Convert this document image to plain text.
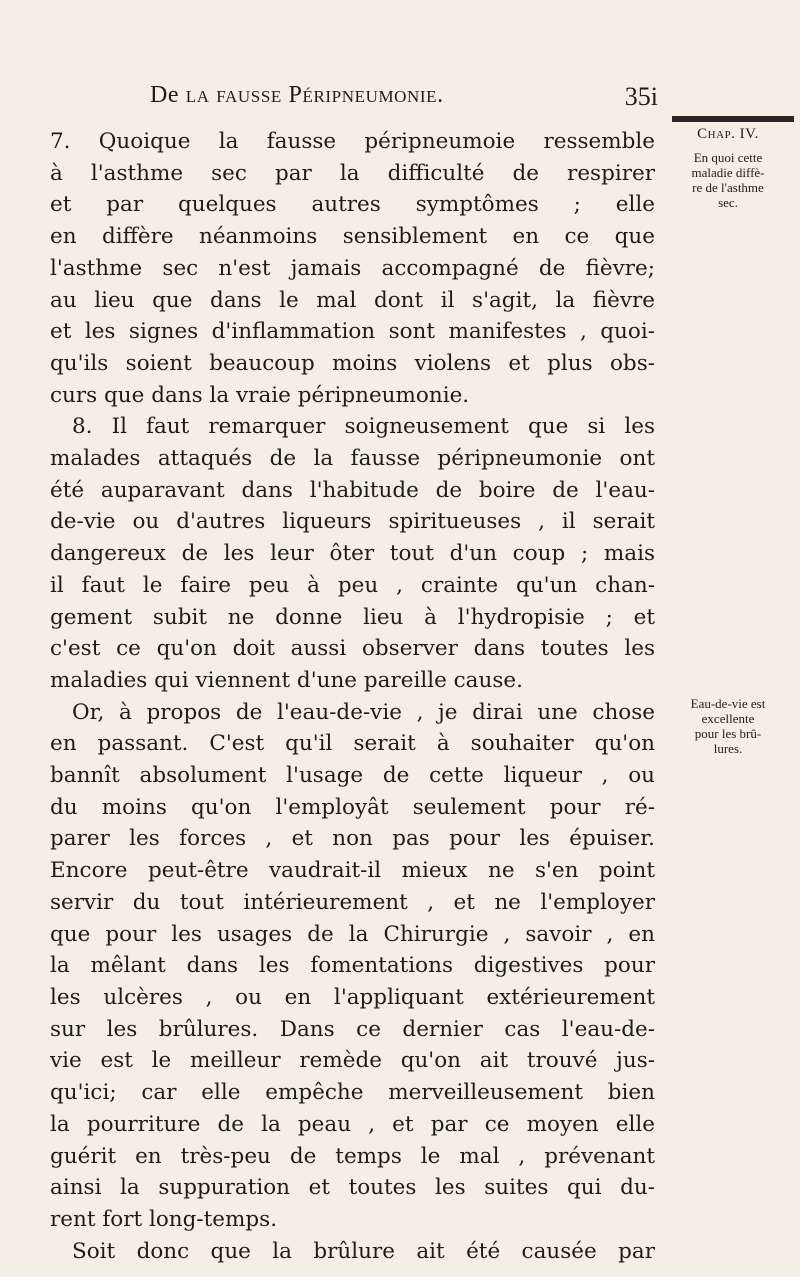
De la fausse Péripneumonie.	35i
Chap. IV.
En quoi cette
maladie diffè-
re de l'asthme
sec.
Eau-de-vie est
excellente
pour les brû-
lures.
7. Quoique la fausse péripneumoie ressemble
à l'asthme sec par la difficulté de respirer
et par quelques autres symptômes ; elle
en diffère néanmoins sensiblement en ce que
l'asthme sec n'est jamais accompagné de fièvre;
au lieu que dans le mal dont il s'agit, la fièvre
et les signes d'inflammation sont manifestes , quoi-
qu'ils soient beaucoup moins violens et plus obs-
curs que dans la vraie péripneumonie.
8. Il faut remarquer soigneusement que si les
malades attaqués de la fausse péripneumonie ont
été auparavant dans l'habitude de boire de l'eau-
de-vie ou d'autres liqueurs spiritueuses , il serait
dangereux de les leur ôter tout d'un coup ; mais
il faut le faire peu à peu , crainte qu'un chan-
gement subit ne donne lieu à l'hydropisie ; et
c'est ce qu'on doit aussi observer dans toutes les
maladies qui viennent d'une pareille cause.
Or, à propos de l'eau-de-vie , je dirai une chose
en passant. C'est qu'il serait à souhaiter qu'on
bannît absolument l'usage de cette liqueur , ou
du moins qu'on l'employât seulement pour ré-
parer les forces , et non pas pour les épuiser.
Encore peut-être vaudrait-il mieux ne s'en point
servir du tout intérieurement , et ne l'employer
que pour les usages de la Chirurgie , savoir , en
la mêlant dans les fomentations digestives pour
les ulcères , ou en l'appliquant extérieurement
sur les brûlures. Dans ce dernier cas l'eau-de-
vie est le meilleur remède qu'on ait trouvé jus-
qu'ici; car elle empêche merveilleusement bien
la pourriture de la peau , et par ce moyen elle
guérit en très-peu de temps le mal , prévenant
ainsi la suppuration et toutes les suites qui du-
rent fort long-temps.
Soit donc que la brûlure ait été causée par
